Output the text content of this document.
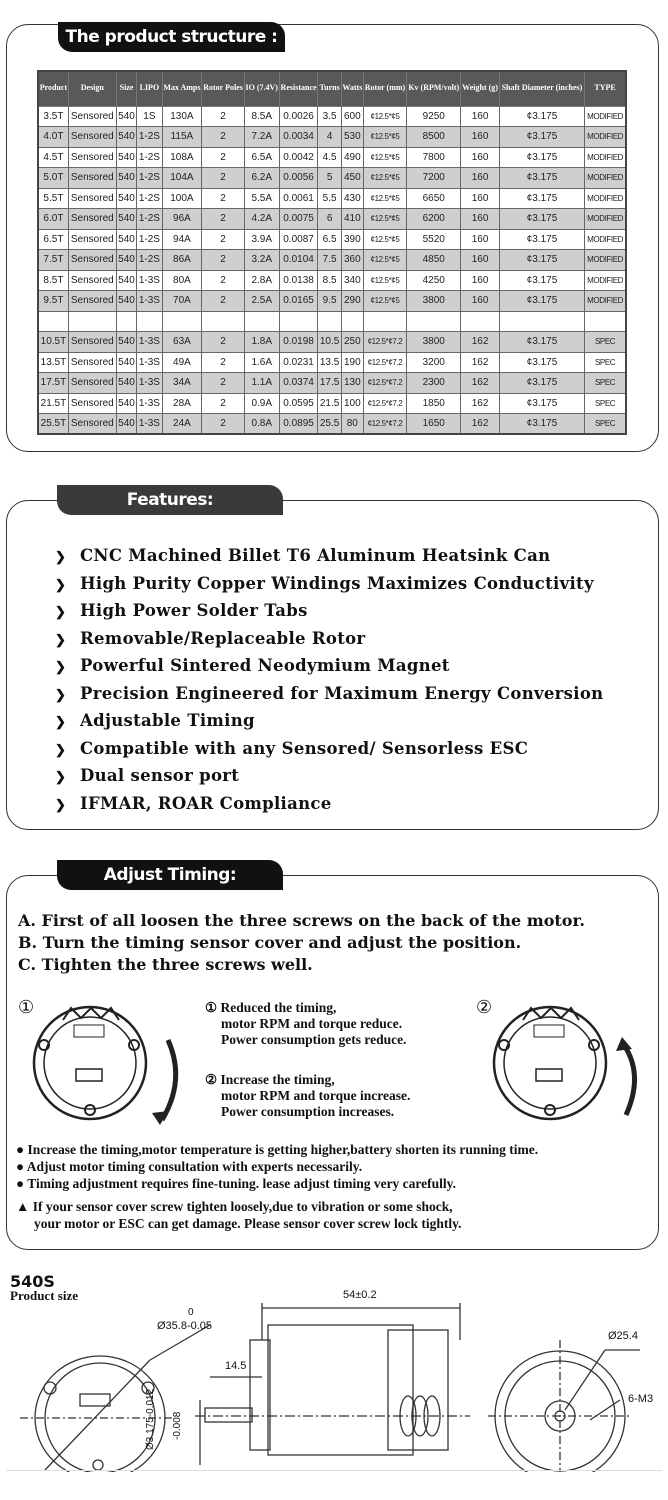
The product structure :
Product	Design	Size	LIPO	Max Amps	Rotor Poles	IO (7.4V)	Resistance	Turns	Watts	Rotor (mm)	Kv (RPM/volt)	Weight (g)	Shaft Diameter (inches)	TYPE
3.5T	Sensored	540	1S	130A	2	8.5A	0.0026	3.5	600	¢12.5*¢5	9250	160	¢3.175	MODIFIED
4.0T	Sensored	540	1-2S	115A	2	7.2A	0.0034	4	530	¢12.5*¢5	8500	160	¢3.175	MODIFIED
4.5T	Sensored	540	1-2S	108A	2	6.5A	0.0042	4.5	490	¢12.5*¢5	7800	160	¢3.175	MODIFIED
5.0T	Sensored	540	1-2S	104A	2	6.2A	0.0056	5	450	¢12.5*¢5	7200	160	¢3.175	MODIFIED
5.5T	Sensored	540	1-2S	100A	2	5.5A	0.0061	5.5	430	¢12.5*¢5	6650	160	¢3.175	MODIFIED
6.0T	Sensored	540	1-2S	96A	2	4.2A	0.0075	6	410	¢12.5*¢5	6200	160	¢3.175	MODIFIED
6.5T	Sensored	540	1-2S	94A	2	3.9A	0.0087	6.5	390	¢12.5*¢5	5520	160	¢3.175	MODIFIED
7.5T	Sensored	540	1-2S	86A	2	3.2A	0.0104	7.5	360	¢12.5*¢5	4850	160	¢3.175	MODIFIED
8.5T	Sensored	540	1-3S	80A	2	2.8A	0.0138	8.5	340	¢12.5*¢5	4250	160	¢3.175	MODIFIED
9.5T	Sensored	540	1-3S	70A	2	2.5A	0.0165	9.5	290	¢12.5*¢5	3800	160	¢3.175	MODIFIED

10.5T	Sensored	540	1-3S	63A	2	1.8A	0.0198	10.5	250	¢12.5*¢7.2	3800	162	¢3.175	SPEC
13.5T	Sensored	540	1-3S	49A	2	1.6A	0.0231	13.5	190	¢12.5*¢7.2	3200	162	¢3.175	SPEC
17.5T	Sensored	540	1-3S	34A	2	1.1A	0.0374	17.5	130	¢12.5*¢7.2	2300	162	¢3.175	SPEC
21.5T	Sensored	540	1-3S	28A	2	0.9A	0.0595	21.5	100	¢12.5*¢7.2	1850	162	¢3.175	SPEC
25.5T	Sensored	540	1-3S	24A	2	0.8A	0.0895	25.5	80	¢12.5*¢7.2	1650	162	¢3.175	SPEC
Features:
❯ CNC Machined Billet T6 Aluminum Heatsink Can
❯ High Purity Copper Windings Maximizes Conductivity
❯ High Power Solder Tabs
❯ Removable/Replaceable Rotor
❯ Powerful Sintered Neodymium Magnet
❯ Precision Engineered for Maximum Energy Conversion
❯ Adjustable Timing
❯ Compatible with any Sensored/ Sensorless ESC
❯ Dual sensor port
❯ IFMAR, ROAR Compliance
Adjust Timing:
A. First of all loosen the three screws on the back of the motor.
B. Turn the timing sensor cover and adjust the position.
C. Tighten the three screws well.
①	②
① Reduced the timing,
motor RPM and torque reduce.
Power consumption gets reduce.
② Increase the timing,
motor RPM and torque increase.
Power consumption increases.
● Increase the timing,motor temperature is getting higher,battery shorten its running time.
● Adjust motor timing consultation with experts necessarily.
● Timing adjustment requires fine-tuning. lease adjust timing very carefully.
▲ If your sensor cover screw tighten loosely,due to vibration or some shock,
your motor or ESC can get damage. Please sensor cover screw lock tightly.
540S
Product size
0
Ø35.8-0.05
54±0.2
14.5
Ø3.175-0.012 -0.008
Ø25.4
6-M3
